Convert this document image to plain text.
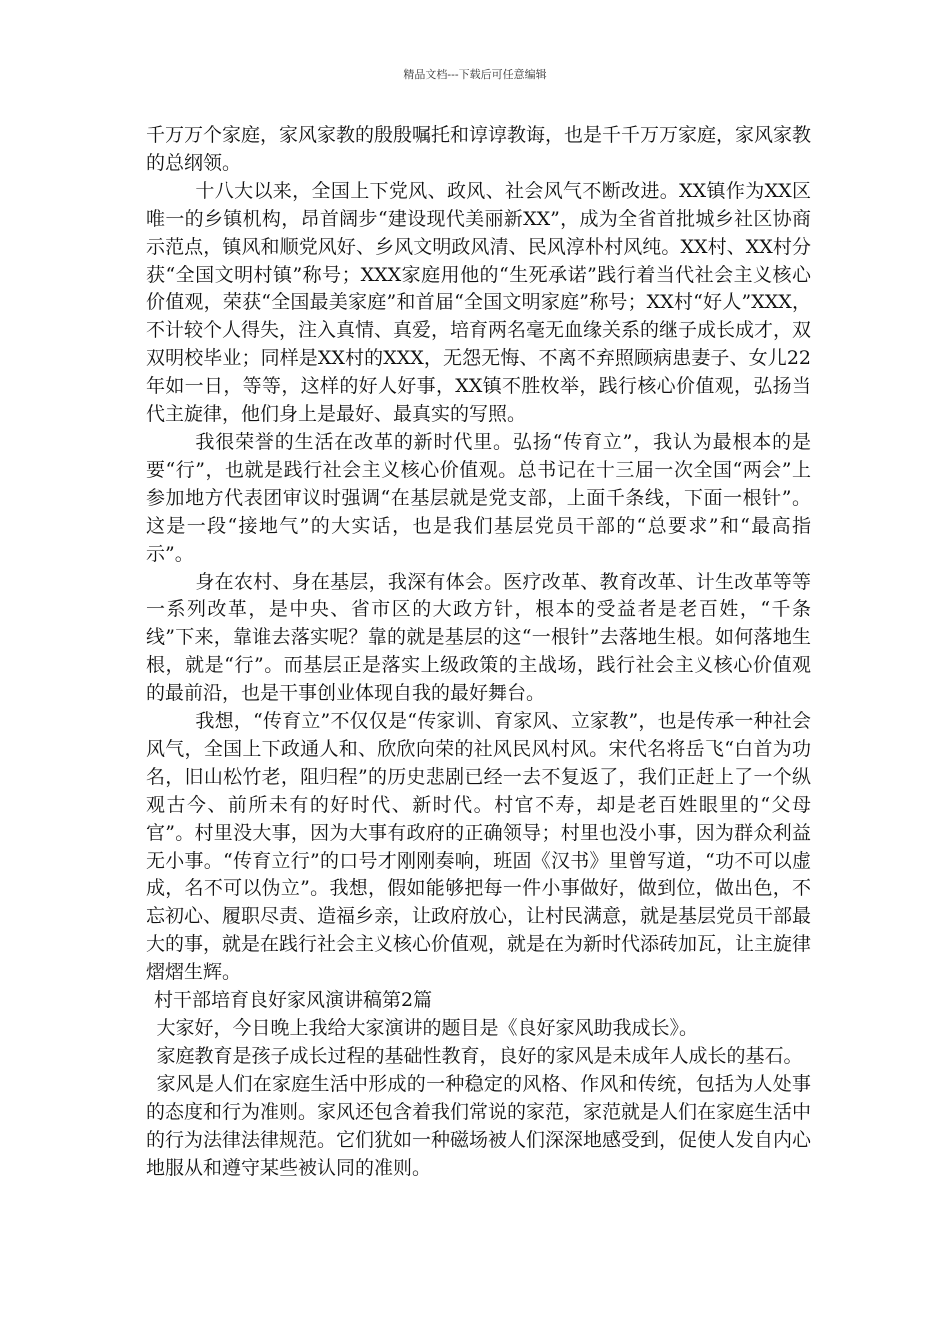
精品文档---下载后可任意编辑

千万万个家庭，家风家教的殷殷嘱托和谆谆教诲，也是千千万万家庭，家风家教的总纲领。

十八大以来，全国上下党风、政风、社会风气不断改进。XX镇作为XX区唯一的乡镇机构，昂首阔步“建设现代美丽新XX”，成为全省首批城乡社区协商示范点，镇风和顺党风好、乡风文明政风清、民风淳朴村风纯。XX村、XX村分获“全国文明村镇”称号；XXX家庭用他的“生死承诺”践行着当代社会主义核心价值观，荣获“全国最美家庭”和首届“全国文明家庭”称号；XX村“好人”XXX，不计较个人得失，注入真情、真爱，培育两名毫无血缘关系的继子成长成才，双双明校毕业；同样是XX村的XXX，无怨无悔、不离不弃照顾病患妻子、女儿22年如一日，等等，这样的好人好事，XX镇不胜枚举，践行核心价值观，弘扬当代主旋律，他们身上是最好、最真实的写照。

我很荣誉的生活在改革的新时代里。弘扬“传育立”，我认为最根本的是要“行”，也就是践行社会主义核心价值观。总书记在十三届一次全国“两会”上参加地方代表团审议时强调“在基层就是党支部，上面千条线，下面一根针”。这是一段“接地气”的大实话，也是我们基层党员干部的“总要求”和“最高指示”。

身在农村、身在基层，我深有体会。医疗改革、教育改革、计生改革等等一系列改革，是中央、省市区的大政方针，根本的受益者是老百姓，“千条线”下来，靠谁去落实呢？靠的就是基层的这“一根针”去落地生根。如何落地生根，就是“行”。而基层正是落实上级政策的主战场，践行社会主义核心价值观的最前沿，也是干事创业体现自我的最好舞台。

我想，“传育立”不仅仅是“传家训、育家风、立家教”，也是传承一种社会风气，全国上下政通人和、欣欣向荣的社风民风村风。宋代名将岳飞“白首为功名，旧山松竹老，阻归程”的历史悲剧已经一去不复返了，我们正赶上了一个纵观古今、前所未有的好时代、新时代。村官不寿，却是老百姓眼里的“父母官”。村里没大事，因为大事有政府的正确领导；村里也没小事，因为群众利益无小事。“传育立行”的口号才刚刚奏响，班固《汉书》里曾写道，“功不可以虚成，名不可以伪立”。我想，假如能够把每一件小事做好，做到位，做出色，不忘初心、履职尽责、造福乡亲，让政府放心，让村民满意，就是基层党员干部最大的事，就是在践行社会主义核心价值观，就是在为新时代添砖加瓦，让主旋律熠熠生辉。

村干部培育良好家风演讲稿第2篇

大家好，今日晚上我给大家演讲的题目是《良好家风助我成长》。

家庭教育是孩子成长过程的基础性教育，良好的家风是未成年人成长的基石。

家风是人们在家庭生活中形成的一种稳定的风格、作风和传统，包括为人处事的态度和行为准则。家风还包含着我们常说的家范，家范就是人们在家庭生活中的行为法律法律规范。它们犹如一种磁场被人们深深地感受到，促使人发自内心地服从和遵守某些被认同的准则。
